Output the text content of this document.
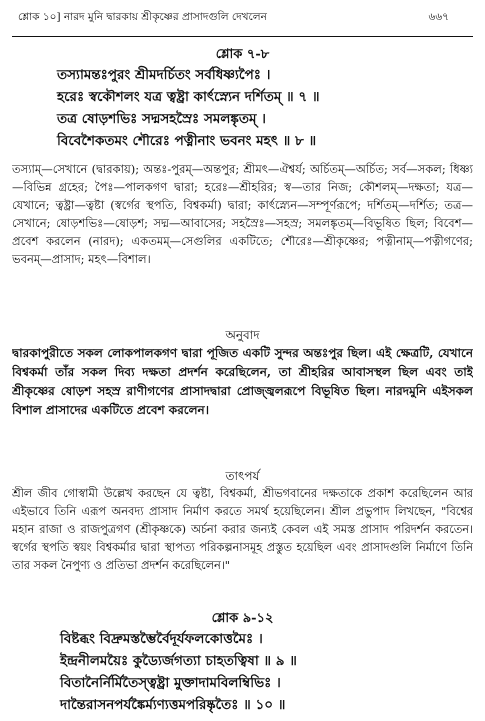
শ্লোক ১০] নারদ মুনি দ্বারকায় শ্রীকৃষ্ণের প্রাসাদগুলি দেখলেন	৬৬৭
শ্লোক ৭-৮
তস্যামন্তঃপুরং শ্রীমদর্চিতং সর্বধিষ্ণ্যপৈঃ ।
হরেঃ স্বকৌশলং যত্র ত্বষ্ট্রা কার্ৎস্ন্যেন দর্শিতম্ ॥ ৭ ॥
তত্র ষোড়শভিঃ সদ্মসহস্রৈঃ সমলঙ্কৃতম্ ।
বিবেশৈকতমং শৌরেঃ পত্নীনাং ভবনং মহৎ ॥ ৮ ॥
তস্যাম্—সেখানে (দ্বারকায়); অন্তঃ-পুরম্—অন্তপুর; শ্রীমৎ—ঐশ্বর্য; অর্চিতম্—অর্চিত; সর্ব—সকল; ধিষ্ণ্য—বিভিন্ন গ্রহের; পৈঃ—পালকগণ দ্বারা; হরেঃ—শ্রীহরির; স্ব—তার নিজ; কৌশলম্—দক্ষতা; যত্র—যেখানে; ত্বষ্ট্রা—ত্বষ্টা (স্বর্গের স্থপতি, বিশ্বকর্মা) দ্বারা; কার্ৎস্ন্যেন—সম্পূর্ণরূপে; দর্শিতম্—দর্শিত; তত্র—সেখানে; ষোড়শভিঃ—ষোড়শ; সদ্ম—আবাসের; সহস্রৈঃ—সহস্র; সমলঙ্কৃতম্—বিভূষিত ছিল; বিবেশ—প্রবেশ করলেন (নারদ); একতমম্—সেগুলির একটিতে; শৌরেঃ—শ্রীকৃষ্ণের; পত্নীনাম্—পত্নীগণের; ভবনম্—প্রাসাদ; মহৎ—বিশাল।
অনুবাদ
দ্বারকাপুরীতে সকল লোকপালকগণ দ্বারা পূজিত একটি সুন্দর অন্তঃপুর ছিল। এই ক্ষেত্রটি, যেখানে বিশ্বকর্মা তাঁর সকল দিব্য দক্ষতা প্রদর্শন করেছিলেন, তা শ্রীহরির আবাসস্থল ছিল এবং তাই শ্রীকৃষ্ণের ষোড়শ সহস্র রাণীগণের প্রাসাদদ্বারা প্রোজ্জ্বলরূপে বিভূষিত ছিল। নারদমুনি এইসকল বিশাল প্রাসাদের একটিতে প্রবেশ করলেন।
তাৎপর্য
শ্রীল জীব গোস্বামী উল্লেখ করছেন যে ত্বষ্টা, বিশ্বকর্মা, শ্রীভগবানের দক্ষতাকে প্রকাশ করেছিলেন আর এইভাবে তিনি এরূপ অনবদ্য প্রাসাদ নির্মাণ করতে সমর্থ হয়েছিলেন। শ্রীল প্রভুপাদ লিখছেন, "বিশ্বের মহান রাজা ও রাজপুত্রগণ (শ্রীকৃষ্ণকে) অর্চনা করার জন্যই কেবল এই সমস্ত প্রাসাদ পরিদর্শন করতেন। স্বর্গের স্থপতি স্বয়ং বিশ্বকর্মার দ্বারা স্থাপত্য পরিকল্পনাসমূহ প্রস্তুত হয়েছিল এবং প্রাসাদগুলি নির্মাণে তিনি তার সকল নৈপুণ্য ও প্রতিভা প্রদর্শন করেছিলেন।"
শ্লোক ৯-১২
বিষ্টব্ধং বিদ্রুমস্তম্ভৈর্বৈদূর্যফলকোত্তমৈঃ ।
ইন্দ্রনীলময়ৈঃ কুড্যৈর্জগত্যা চাহতত্বিষা ॥ ৯ ॥
বিতানৈর্নির্মিতৈস্ত্বষ্ট্রা মুক্তাদামবিলম্বিভিঃ ।
দান্তৈরাসনপর্যঙ্কৈর্ম্যণ্যত্তমপরিষ্কৃতৈঃ ॥ ১০ ॥
